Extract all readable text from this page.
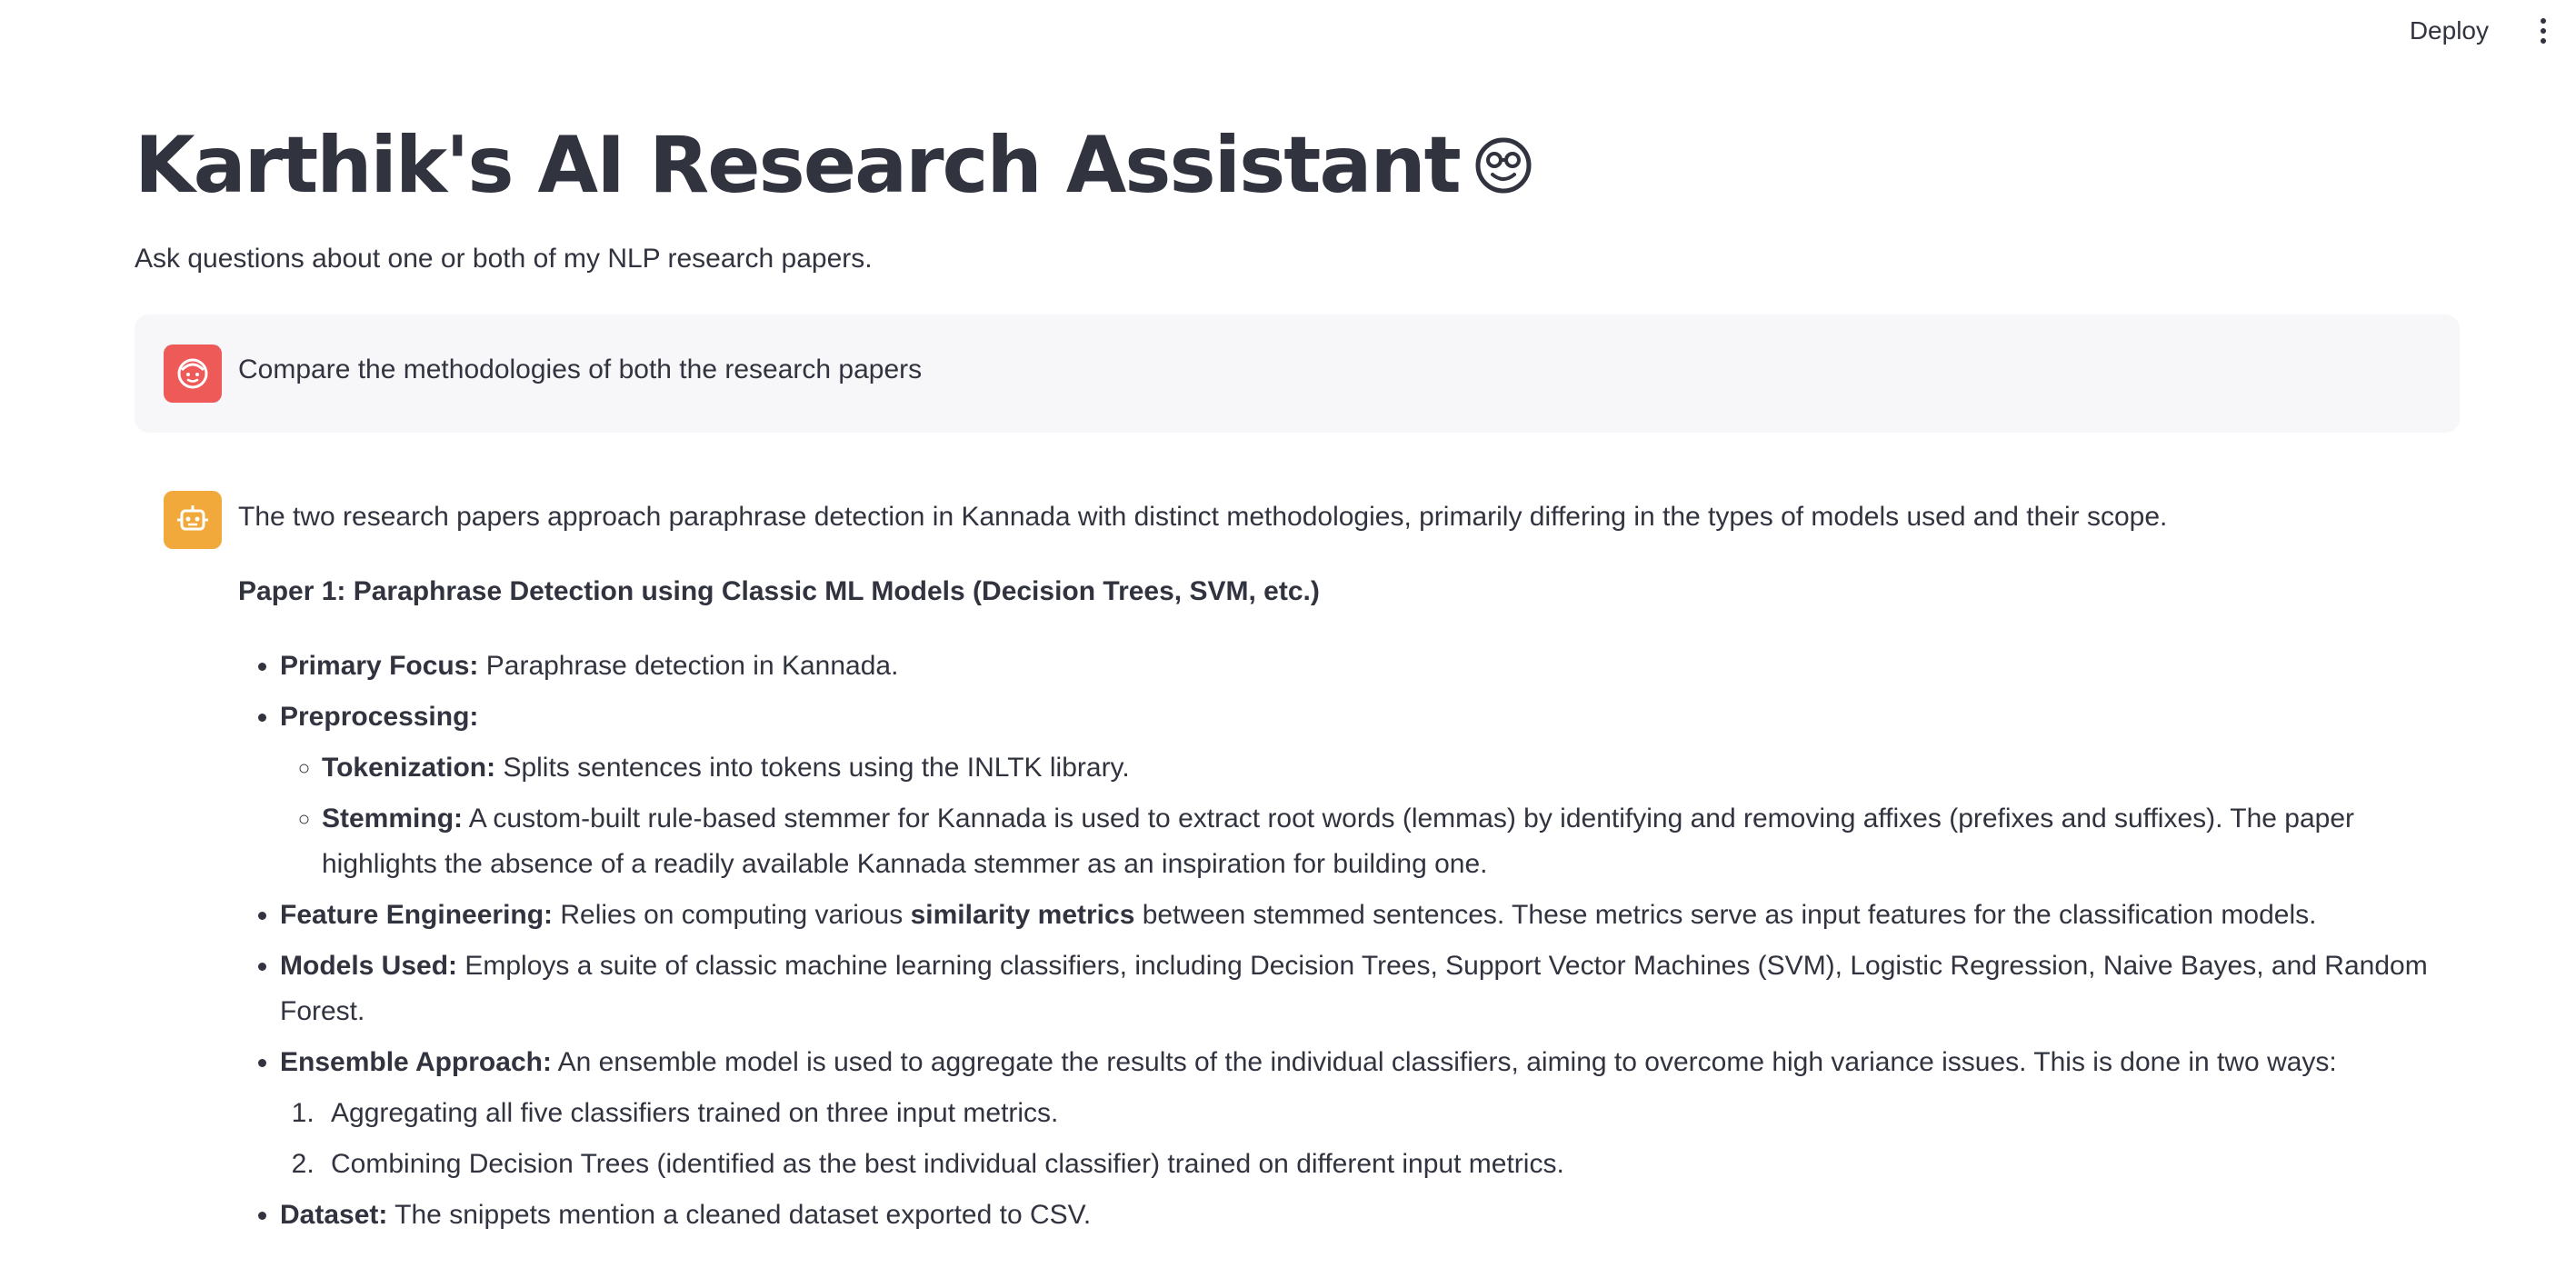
Deploy
Karthik's AI Research Assistant

Ask questions about one or both of my NLP research papers.

Compare the methodologies of both the research papers

The two research papers approach paraphrase detection in Kannada with distinct methodologies, primarily differing in the types of models used and their scope.

Paper 1: Paraphrase Detection using Classic ML Models (Decision Trees, SVM, etc.)

• Primary Focus: Paraphrase detection in Kannada.
• Preprocessing:
◦ Tokenization: Splits sentences into tokens using the INLTK library.
◦ Stemming: A custom-built rule-based stemmer for Kannada is used to extract root words (lemmas) by identifying and removing affixes (prefixes and suffixes). The paper highlights the absence of a readily available Kannada stemmer as an inspiration for building one.
• Feature Engineering: Relies on computing various similarity metrics between stemmed sentences. These metrics serve as input features for the classification models.
• Models Used: Employs a suite of classic machine learning classifiers, including Decision Trees, Support Vector Machines (SVM), Logistic Regression, Naive Bayes, and Random Forest.
• Ensemble Approach: An ensemble model is used to aggregate the results of the individual classifiers, aiming to overcome high variance issues. This is done in two ways:
1. Aggregating all five classifiers trained on three input metrics.
2. Combining Decision Trees (identified as the best individual classifier) trained on different input metrics.
• Dataset: The snippets mention a cleaned dataset exported to CSV.
